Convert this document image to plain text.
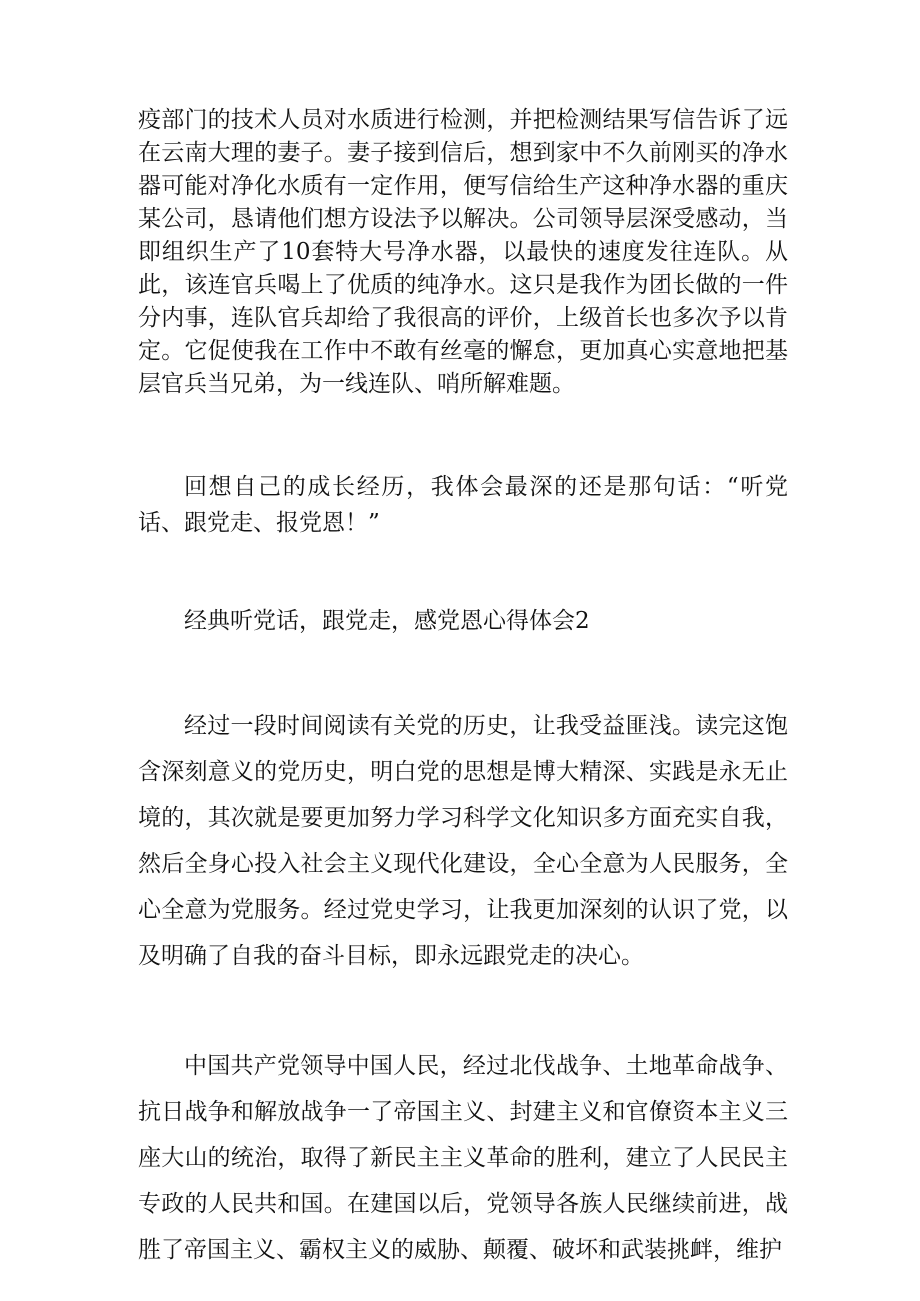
疫部门的技术人员对水质进行检测，并把检测结果写信告诉了远在云南大理的妻子。妻子接到信后，想到家中不久前刚买的净水器可能对净化水质有一定作用，便写信给生产这种净水器的重庆某公司，恳请他们想方设法予以解决。公司领导层深受感动，当即组织生产了10套特大号净水器，以最快的速度发往连队。从此，该连官兵喝上了优质的纯净水。这只是我作为团长做的一件分内事，连队官兵却给了我很高的评价，上级首长也多次予以肯定。它促使我在工作中不敢有丝毫的懈怠，更加真心实意地把基层官兵当兄弟，为一线连队、哨所解难题。

回想自己的成长经历，我体会最深的还是那句话：“听党话、跟党走、报党恩！”

经典听党话，跟党走，感党恩心得体会2

经过一段时间阅读有关党的历史，让我受益匪浅。读完这饱含深刻意义的党历史，明白党的思想是博大精深、实践是永无止境的，其次就是要更加努力学习科学文化知识多方面充实自我，然后全身心投入社会主义现代化建设，全心全意为人民服务，全心全意为党服务。经过党史学习，让我更加深刻的认识了党，以及明确了自我的奋斗目标，即永远跟党走的决心。

中国共产党领导中国人民，经过北伐战争、土地革命战争、抗日战争和解放战争一了帝国主义、封建主义和官僚资本主义三座大山的统治，取得了新民主主义革命的胜利，建立了人民民主专政的人民共和国。在建国以后，党领导各族人民继续前进，战胜了帝国主义、霸权主义的威胁、颠覆、破坏和武装挑衅，维护
